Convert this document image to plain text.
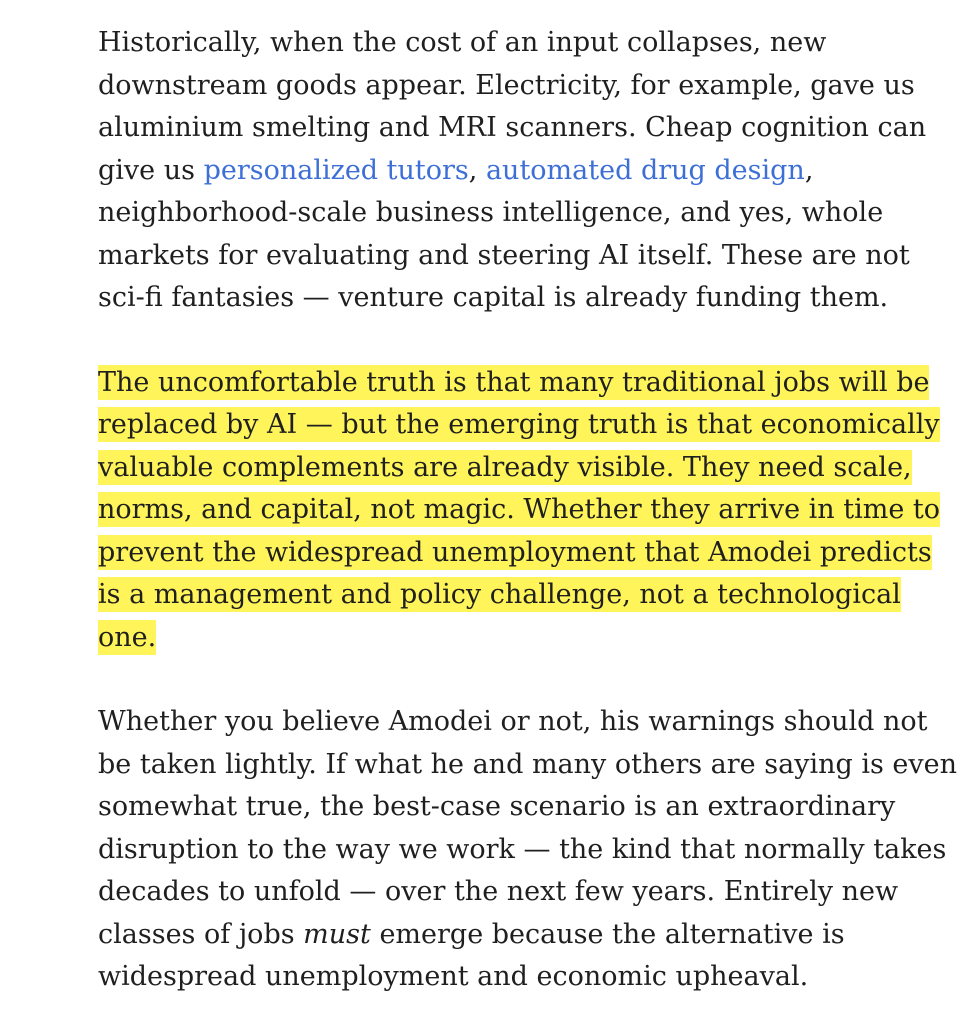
Historically, when the cost of an input collapses, new
downstream goods appear. Electricity, for example, gave us
aluminium smelting and MRI scanners. Cheap cognition can
give us personalized tutors, automated drug design,
neighborhood-scale business intelligence, and yes, whole
markets for evaluating and steering AI itself. These are not
sci-fi fantasies — venture capital is already funding them.

The uncomfortable truth is that many traditional jobs will be
replaced by AI — but the emerging truth is that economically
valuable complements are already visible. They need scale,
norms, and capital, not magic. Whether they arrive in time to
prevent the widespread unemployment that Amodei predicts
is a management and policy challenge, not a technological
one.

Whether you believe Amodei or not, his warnings should not
be taken lightly. If what he and many others are saying is even
somewhat true, the best-case scenario is an extraordinary
disruption to the way we work — the kind that normally takes
decades to unfold — over the next few years. Entirely new
classes of jobs must emerge because the alternative is
widespread unemployment and economic upheaval.
